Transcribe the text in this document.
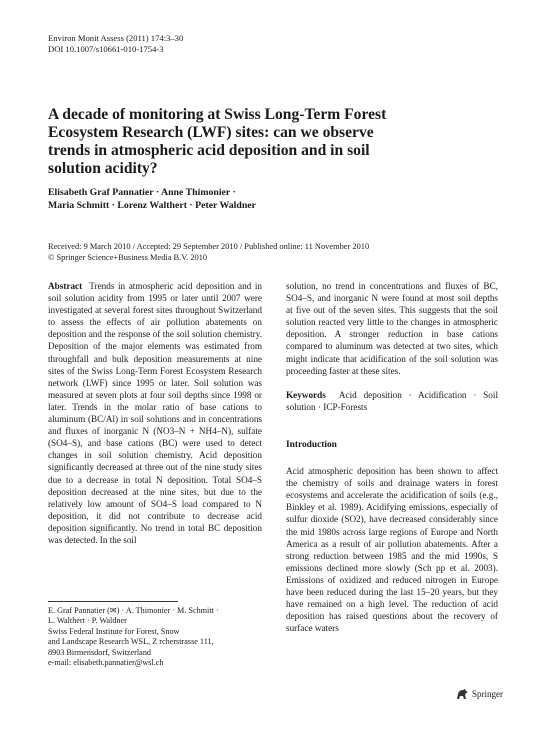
Environ Monit Assess (2011) 174:3–30
DOI 10.1007/s10661-010-1754-3
A decade of monitoring at Swiss Long-Term Forest Ecosystem Research (LWF) sites: can we observe trends in atmospheric acid deposition and in soil solution acidity?
Elisabeth Graf Pannatier · Anne Thimonier ·
Maria Schmitt · Lorenz Walthert · Peter Waldner
Received: 9 March 2010 / Accepted: 29 September 2010 / Published online: 11 November 2010
© Springer Science+Business Media B.V. 2010

Abstract Trends in atmospheric acid deposition and in soil solution acidity from 1995 or later until 2007 were investigated at several forest sites throughout Switzerland to assess the effects of air pollution abatements on deposition and the response of the soil solution chemistry. Deposition of the major elements was estimated from throughfall and bulk deposition measurements at nine sites of the Swiss Long-Term Forest Ecosystem Research network (LWF) since 1995 or later. Soil solution was measured at seven plots at four soil depths since 1998 or later. Trends in the molar ratio of base cations to aluminum (BC/Al) in soil solutions and in concentrations and fluxes of inorganic N (NO3–N + NH4–N), sulfate (SO4–S), and base cations (BC) were used to detect changes in soil solution chemistry. Acid deposition significantly decreased at three out of the nine study sites due to a decrease in total N deposition. Total SO4–S deposition decreased at the nine sites, but due to the relatively low amount of SO4–S load compared to N deposition, it did not contribute to decrease acid deposition significantly. No trend in total BC deposition was detected. In the soil

solution, no trend in concentrations and fluxes of BC, SO4–S, and inorganic N were found at most soil depths at five out of the seven sites. This suggests that the soil solution reacted very little to the changes in atmospheric deposition. A stronger reduction in base cations compared to aluminum was detected at two sites, which might indicate that acidification of the soil solution was proceeding faster at these sites.

Keywords Acid deposition · Acidification · Soil solution · ICP-Forests

Introduction

Acid atmospheric deposition has been shown to affect the chemistry of soils and drainage waters in forest ecosystems and accelerate the acidification of soils (e.g., Binkley et al. 1989). Acidifying emissions, especially of sulfur dioxide (SO2), have decreased considerably since the mid 1980s across large regions of Europe and North America as a result of air pollution abatements. After a strong reduction between 1985 and the mid 1990s, S emissions declined more slowly (Sch pp et al. 2003). Emissions of oxidized and reduced nitrogen in Europe have been reduced during the last 15–20 years, but they have remained on a high level. The reduction of acid deposition has raised questions about the recovery of surface waters

E. Graf Pannatier (✉) · A. Thimonier · M. Schmitt ·
L. Walthert · P. Waldner
Swiss Federal Institute for Forest, Snow
and Landscape Research WSL, Z rcherstrasse 111,
8903 Birmensdorf, Switzerland
e-mail: elisabeth.pannatier@wsl.ch
Springer
